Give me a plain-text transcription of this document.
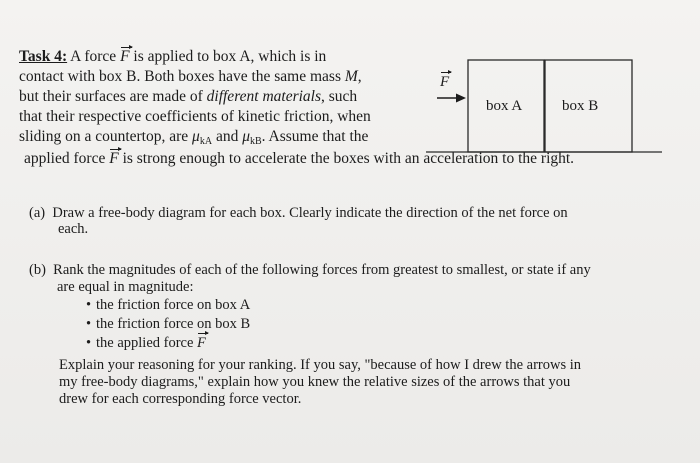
Task 4: A force F is applied to box A, which is in
contact with box B. Both boxes have the same mass M,
but their surfaces are made of different materials, such
that their respective coefficients of kinetic friction, when
sliding on a countertop, are $\mu_{kA}$ and $\mu_{kB}$. Assume that the
applied force F is strong enough to accelerate the boxes with an acceleration to the right.
F
box A	box B
(a) Draw a free-body diagram for each box. Clearly indicate the direction of the net force on
each.
(b) Rank the magnitudes of each of the following forces from greatest to smallest, or state if any
are equal in magnitude:
• the friction force on box A
• the friction force on box B
• the applied force F
Explain your reasoning for your ranking. If you say, "because of how I drew the arrows in
my free-body diagrams," explain how you knew the relative sizes of the arrows that you
drew for each corresponding force vector.
